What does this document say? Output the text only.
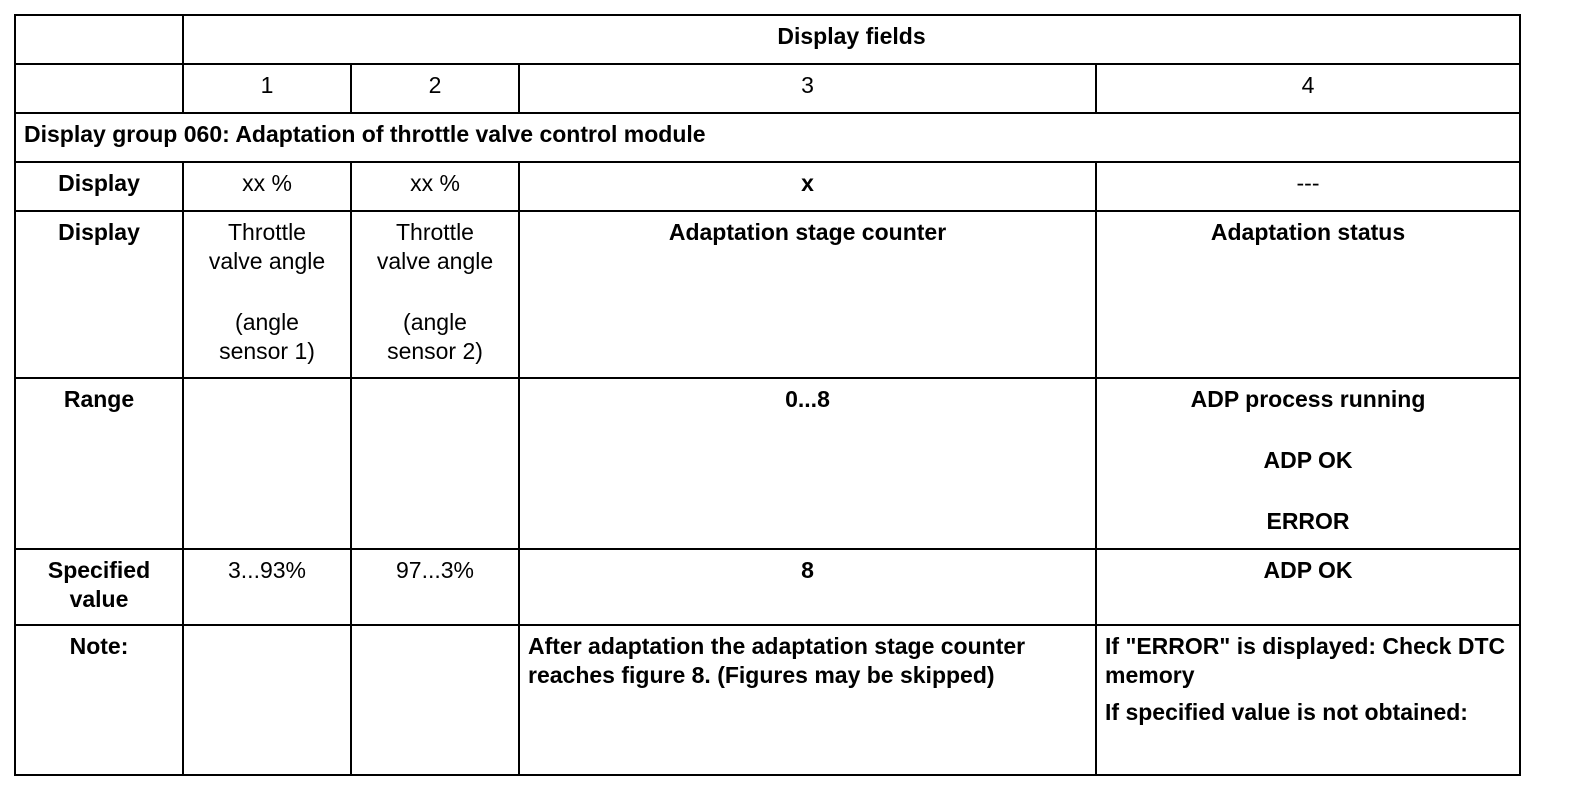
	Display fields			
	1	2	3	4
Display group 060: Adaptation of throttle valve control module				
Display	xx %	xx %	x	---
Display	Throttle
valve angle
(angle
sensor 1)	Throttle
valve angle
(angle
sensor 2)	Adaptation stage counter	Adaptation status
Range			0...8	ADP process running
ADP OK
ERROR

Specified
value	3...93%	97...3%	8	ADP OK
Note:			After adaptation the adaptation stage counter reaches figure 8. (Figures may be skipped)	If "ERROR" is displayed: Check DTC memory
If specified value is not obtained:
